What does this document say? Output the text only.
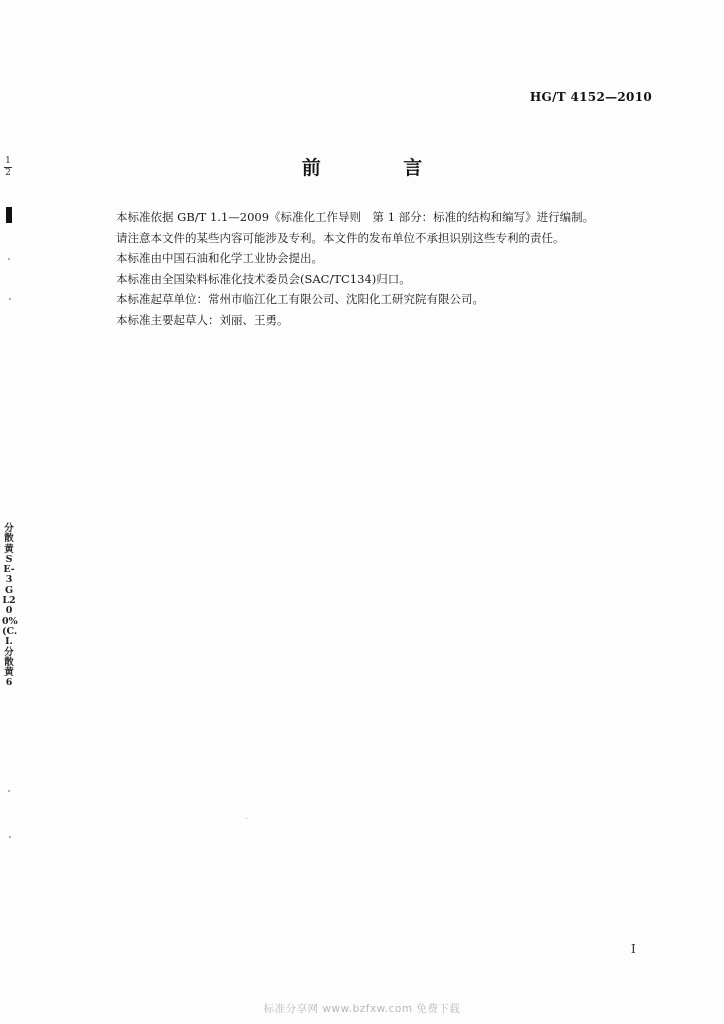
HG/T 4152—2010
前 言

本标准依据 GB/T 1.1—2009《标准化工作导则　第 1 部分：标准的结构和编写》进行编制。

请注意本文件的某些内容可能涉及专利。本文件的发布单位不承担识别这些专利的责任。

本标准由中国石油和化学工业协会提出。

本标准由全国染料标准化技术委员会(SAC/TC134)归口。

本标准起草单位：常州市临江化工有限公司、沈阳化工研究院有限公司。

本标准主要起草人：刘丽、王勇。

I
标准分享网 www.bzfxw.com 免费下载
1
2
分散黄SE-3GL200%(C.I.分散黄6
